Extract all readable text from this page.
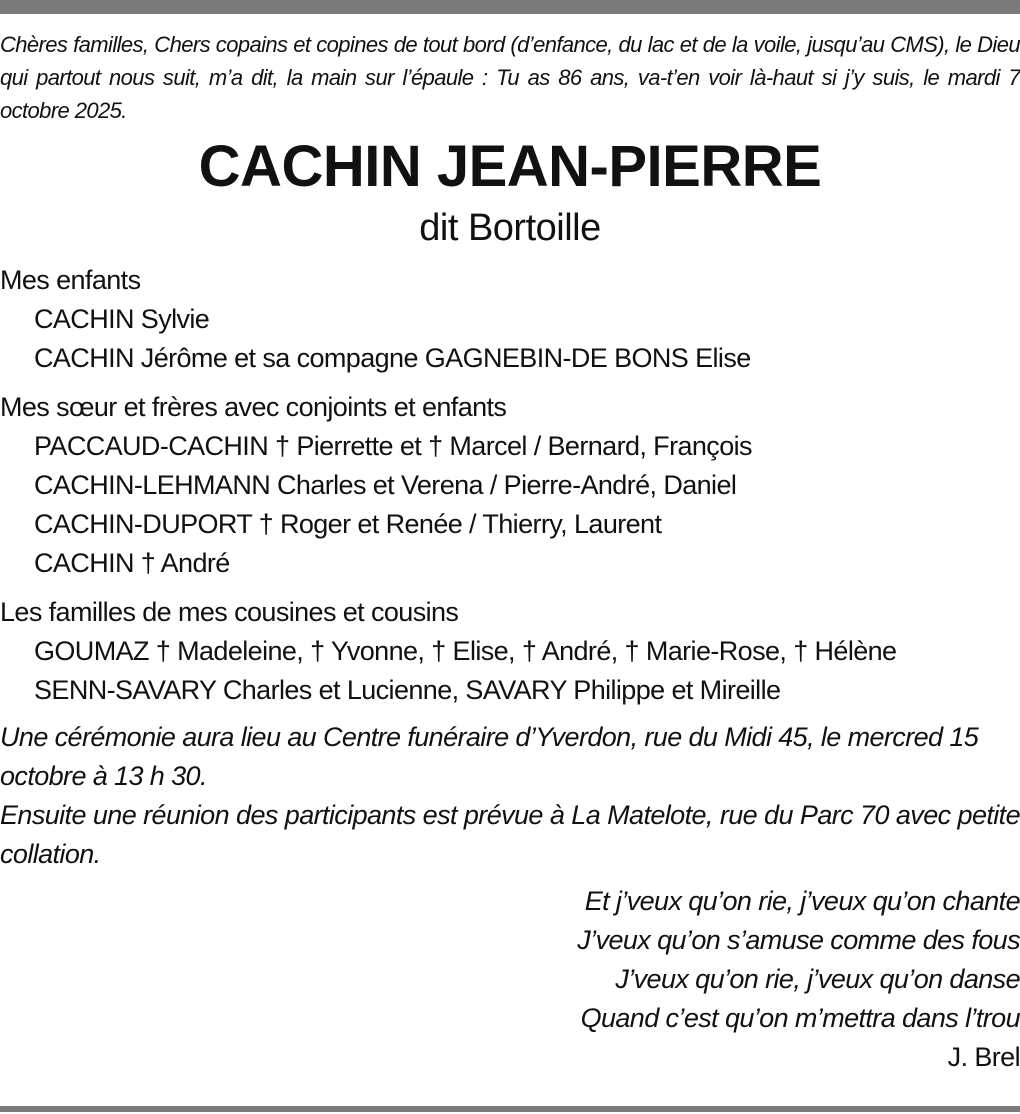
Chères familles, Chers copains et copines de tout bord (d’enfance, du lac et de la voile, jusqu’au CMS), le Dieu qui partout nous suit, m’a dit, la main sur l’épaule : Tu as 86 ans, va-t’en voir là-haut si j’y suis, le mardi 7 octobre 2025.

CACHIN JEAN-PIERRE
dit Bortoille
Mes enfants
CACHIN Sylvie
CACHIN Jérôme et sa compagne GAGNEBIN-DE BONS Elise
Mes sœur et frères avec conjoints et enfants
PACCAUD-CACHIN † Pierrette et † Marcel / Bernard, François
CACHIN-LEHMANN Charles et Verena / Pierre-André, Daniel
CACHIN-DUPORT † Roger et Renée / Thierry, Laurent
CACHIN † André
Les familles de mes cousines et cousins
GOUMAZ † Madeleine, † Yvonne, † Elise, † André, † Marie-Rose, † Hélène
SENN-SAVARY Charles et Lucienne, SAVARY Philippe et Mireille

Une cérémonie aura lieu au Centre funéraire d’Yverdon, rue du Midi 45, le mercred 15 octobre à 13 h 30.

Ensuite une réunion des participants est prévue à La Matelote, rue du Parc 70 avec petite collation.

Et j’veux qu’on rie, j’veux qu’on chante
J’veux qu’on s’amuse comme des fous
J’veux qu’on rie, j’veux qu’on danse
Quand c’est qu’on m’mettra dans l’trou
J. Brel
